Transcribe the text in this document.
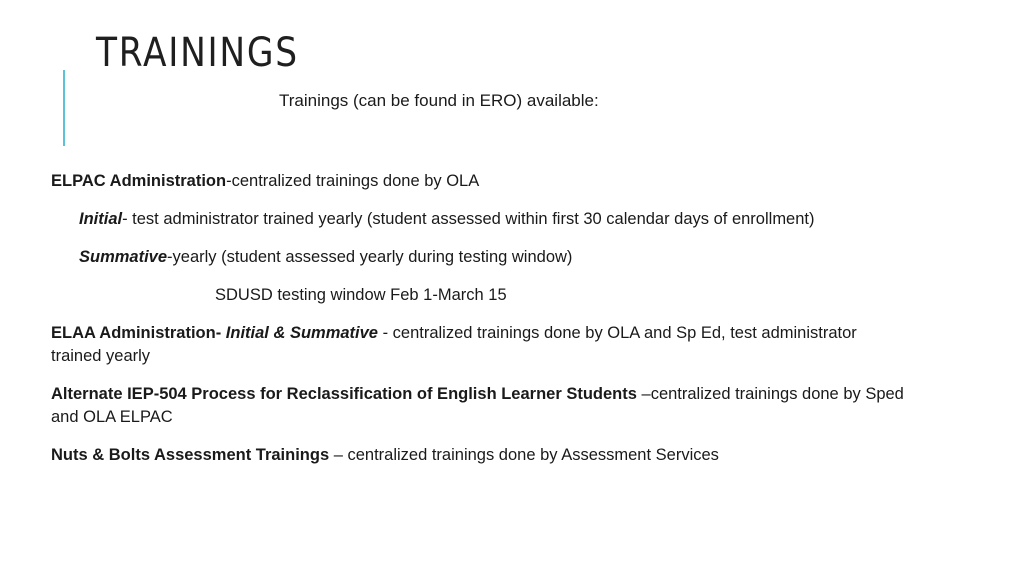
TRAININGS
Trainings (can be found in ERO) available:

ELPAC Administration-centralized trainings done by OLA

Initial- test administrator trained yearly (student assessed within first 30 calendar days of enrollment)

Summative-yearly (student assessed yearly during testing window)

SDUSD testing window Feb 1-March 15

ELAA Administration- Initial & Summative - centralized trainings done by OLA and Sp Ed, test administrator trained yearly

Alternate IEP-504 Process for Reclassification of English Learner Students –centralized trainings done by Sped and OLA ELPAC

Nuts & Bolts Assessment Trainings – centralized trainings done by Assessment Services
